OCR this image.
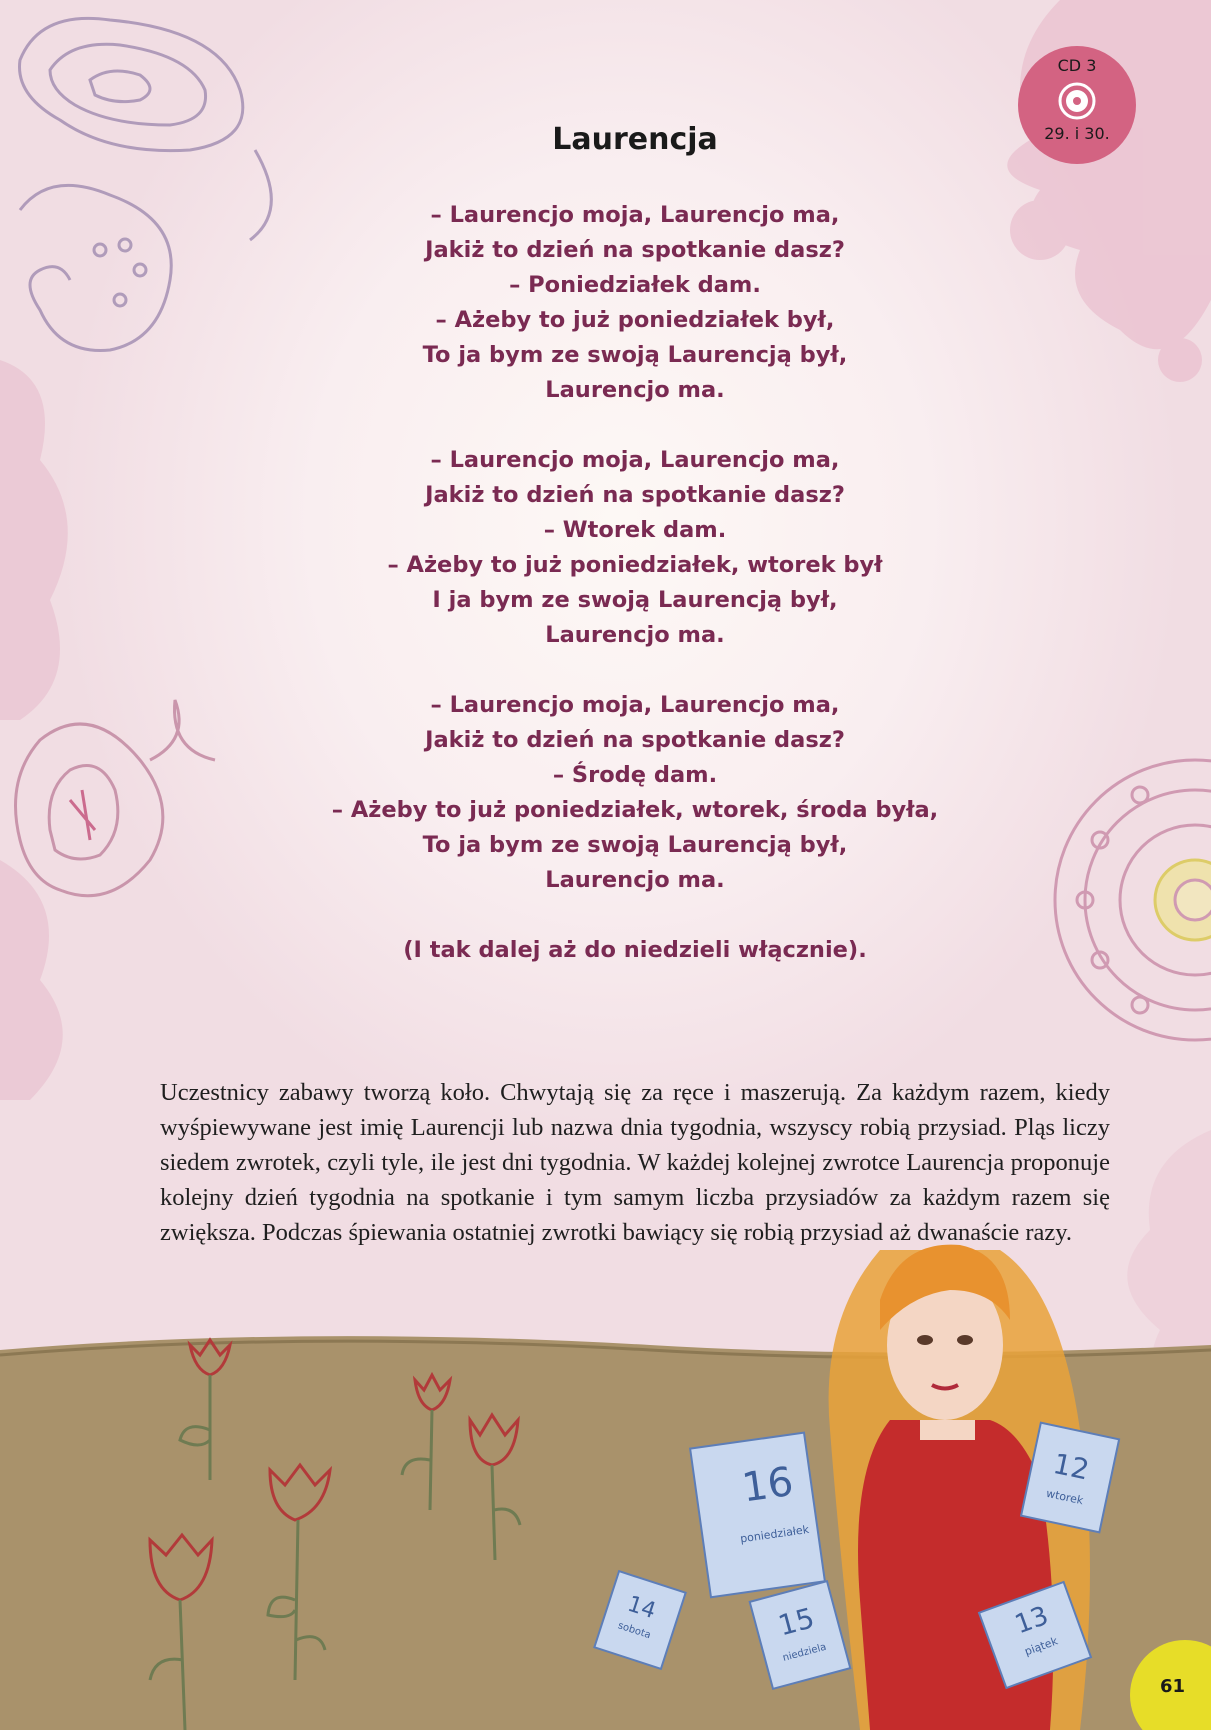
16
poniedziałek
12
wtorek
15
niedziela
14
sobota	13
piątek
CD 3
29. i 30.
Laurencja
– Laurencjo moja, Laurencjo ma,
Jakiż to dzień na spotkanie dasz?
– Poniedziałek dam.
– Ażeby to już poniedziałek był,
To ja bym ze swoją Laurencją był,
Laurencjo ma.
– Laurencjo moja, Laurencjo ma,
Jakiż to dzień na spotkanie dasz?
– Wtorek dam.
– Ażeby to już poniedziałek, wtorek był
I ja bym ze swoją Laurencją był,
Laurencjo ma.
– Laurencjo moja, Laurencjo ma,
Jakiż to dzień na spotkanie dasz?
– Środę dam.
– Ażeby to już poniedziałek, wtorek, środa była,
To ja bym ze swoją Laurencją był,
Laurencjo ma.
(I tak dalej aż do niedzieli włącznie).

Uczestnicy zabawy tworzą koło. Chwytają się za ręce i maszerują. Za każdym razem, kiedy wyśpiewywane jest imię Laurencji lub nazwa dnia tygodnia, wszyscy robią przysiad. Pląs liczy siedem zwrotek, czyli tyle, ile jest dni tygodnia. W każdej kolejnej zwrotce Laurencja proponuje kolejny dzień tygodnia na spotkanie i tym samym liczba przysiadów za każdym razem się zwiększa. Podczas śpiewania ostatniej zwrotki bawiący się robią przysiad aż dwanaście razy.

61
